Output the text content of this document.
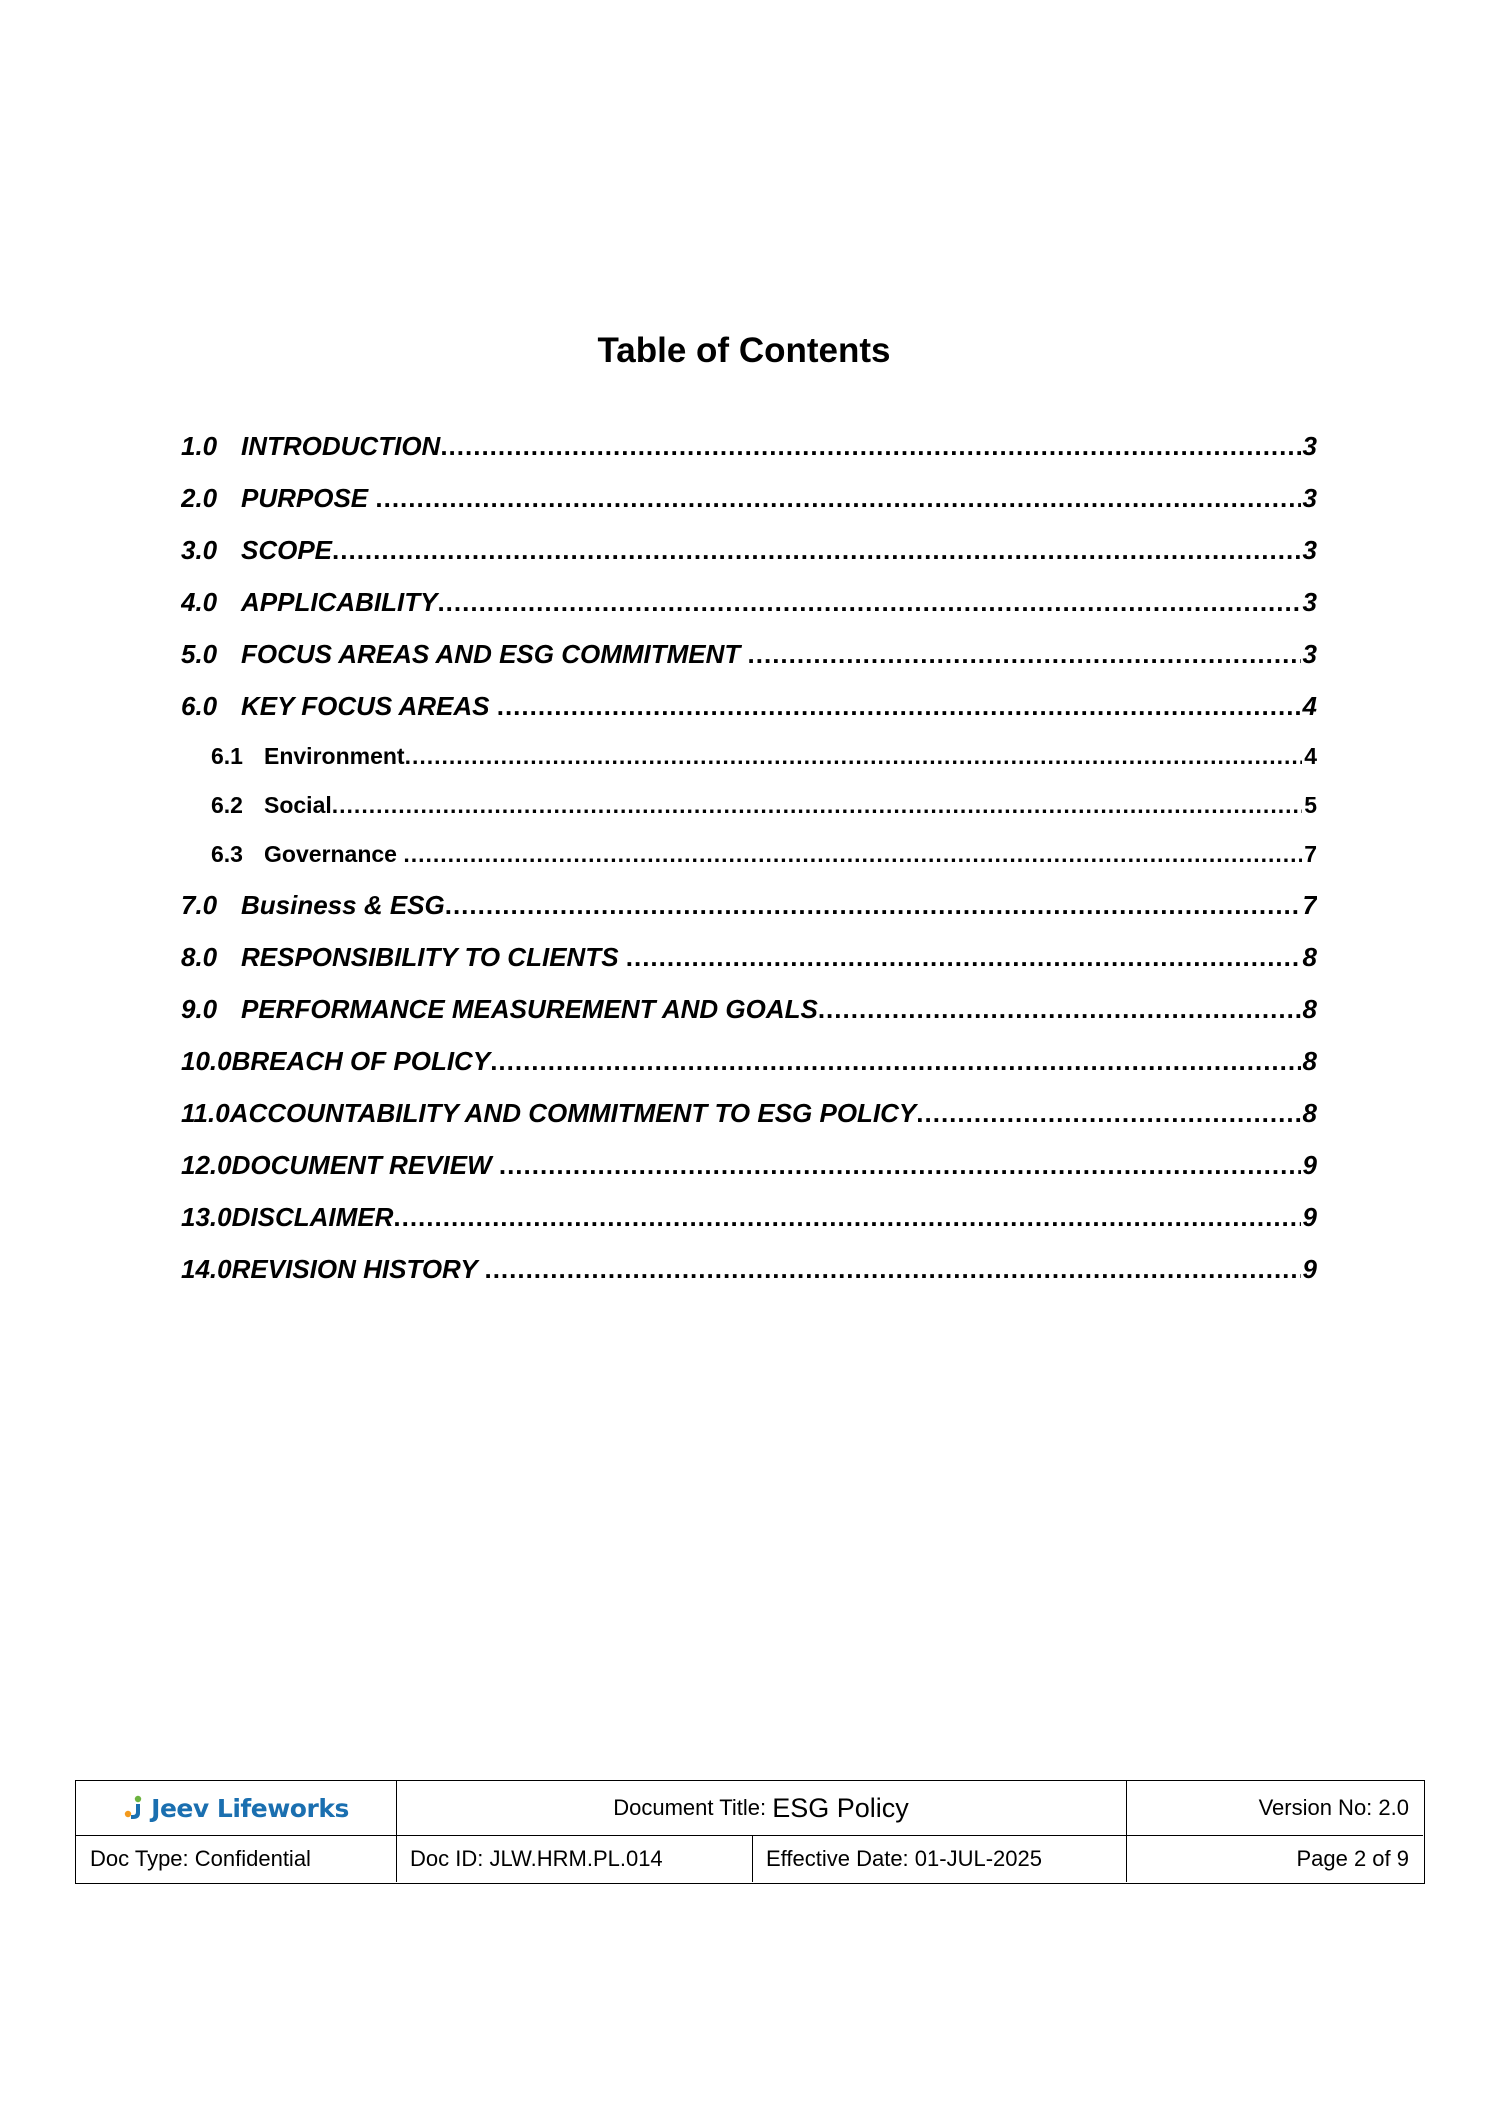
Table of Contents
1.0 INTRODUCTION .....	3
2.0 PURPOSE .....	3
3.0 SCOPE .....	3
4.0 APPLICABILITY .....	3
5.0 FOCUS AREAS AND ESG COMMITMENT .....	3
6.0 KEY FOCUS AREAS .....	4
6.1 Environment .....	4
6.2 Social .....	5
6.3 Governance .....	7
7.0 Business & ESG .....	7
8.0 RESPONSIBILITY TO CLIENTS .....	8
9.0 PERFORMANCE MEASUREMENT AND GOALS .....	8
10.0 BREACH OF POLICY .....	8
11.0 ACCOUNTABILITY AND COMMITMENT TO ESG POLICY .....	8
12.0 DOCUMENT REVIEW .....	9
13.0 DISCLAIMER .....	9
14.0 REVISION HISTORY .....	9
Jeev Lifeworks	Document Title: ESG Policy	Version No: 2.0
Doc Type: Confidential	Doc ID: JLW.HRM.PL.014	Effective Date: 01-JUL-2025	Page 2 of 9
